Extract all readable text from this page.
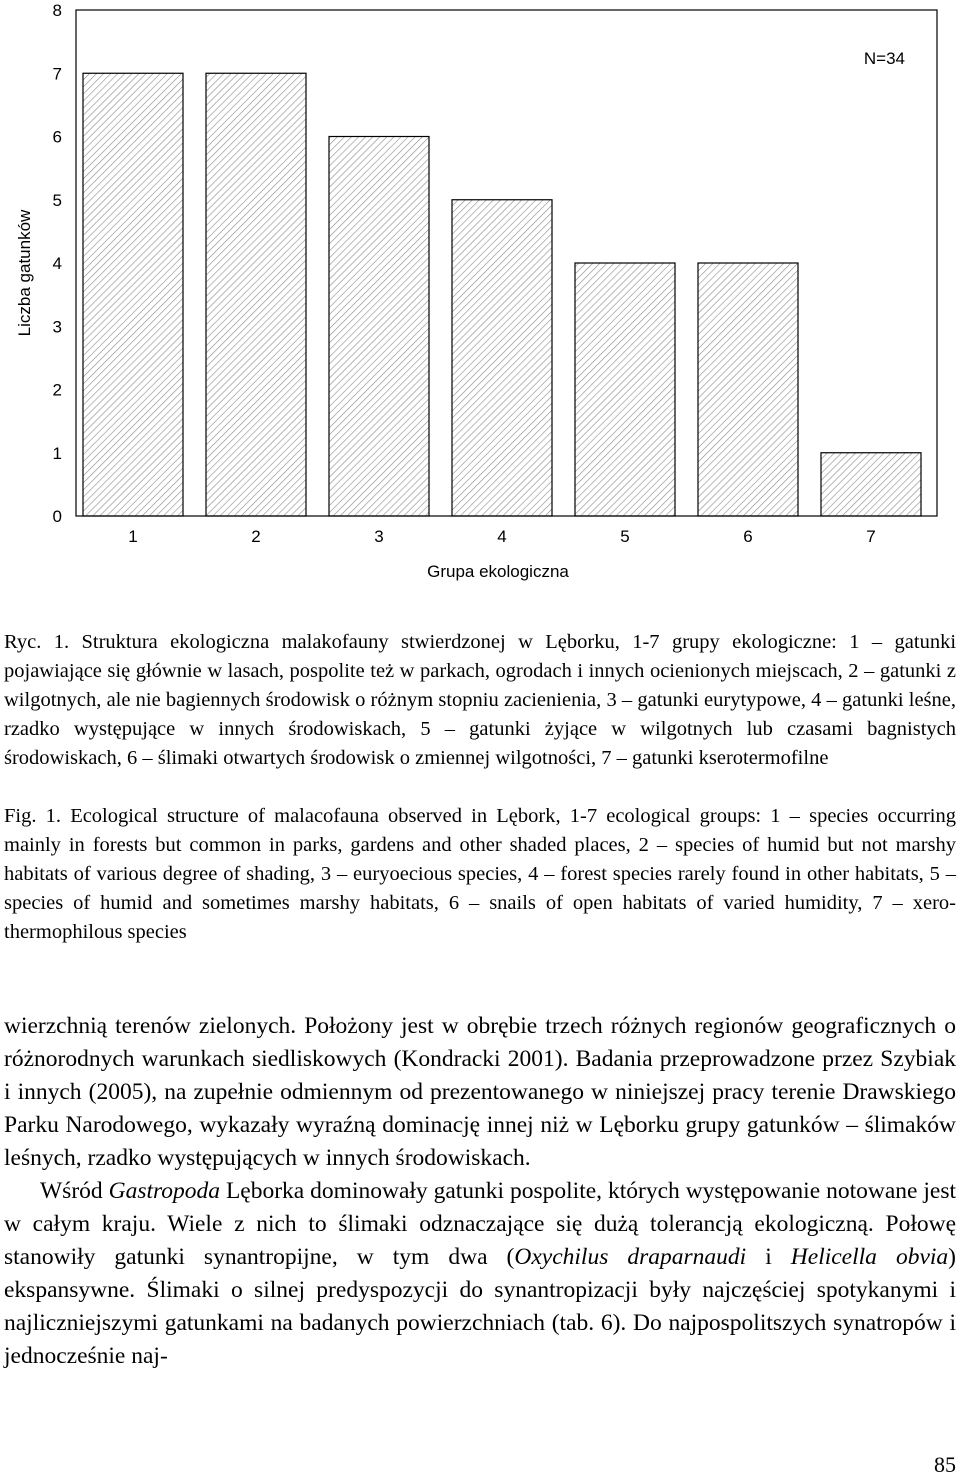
0
1
2
3
4
5
6
7
8
1	2	3	4	5	6	7
Liczba gatunków
Grupa ekologiczna
N=34

Ryc. 1. Struktura ekologiczna malakofauny stwierdzonej w Lęborku, 1-7 grupy ekologiczne: 1 – gatunki pojawiające się głównie w lasach, pospolite też w parkach, ogrodach i innych ocienionych miejscach, 2 – gatunki z wilgotnych, ale nie bagiennych środowisk o różnym stopniu zacienienia, 3 – gatunki eurytypowe, 4 – gatunki leśne, rzadko występujące w innych środowiskach, 5 – gatunki żyjące w wilgotnych lub czasami bagnistych środowiskach, 6 – ślimaki otwartych środowisk o zmiennej wilgotności, 7 – gatunki kserotermofilne

Fig. 1. Ecological structure of malacofauna observed in Lębork, 1-7 ecological groups: 1 – species occurring mainly in forests but common in parks, gardens and other shaded places, 2 – species of humid but not marshy habitats of various degree of shading, 3 – euryoecious species, 4 – forest species rarely found in other habitats, 5 – species of humid and sometimes marshy habitats, 6 – snails of open habitats of varied humidity, 7 – xero-thermophilous species

wierzchnią terenów zielonych. Położony jest w obrębie trzech różnych regionów geograficznych o różnorodnych warunkach siedliskowych (Kondracki 2001). Badania przeprowadzone przez Szybiak i innych (2005), na zupełnie odmiennym od prezentowanego w niniejszej pracy terenie Drawskiego Parku Narodowego, wykazały wyraźną dominację innej niż w Lęborku grupy gatunków – ślimaków leśnych, rzadko występujących w innych środowiskach.

Wśród Gastropoda Lęborka dominowały gatunki pospolite, których występowanie notowane jest w całym kraju. Wiele z nich to ślimaki odznaczające się dużą tolerancją ekologiczną. Połowę stanowiły gatunki synantropijne, w tym dwa (Oxychilus draparnaudi i Helicella obvia) ekspansywne. Ślimaki o silnej predyspozycji do synantropizacji były najczęściej spotykanymi i najliczniejszymi gatunkami na badanych powierzchniach (tab. 6). Do najpospolitszych synatropów i jednocześnie naj-

85
